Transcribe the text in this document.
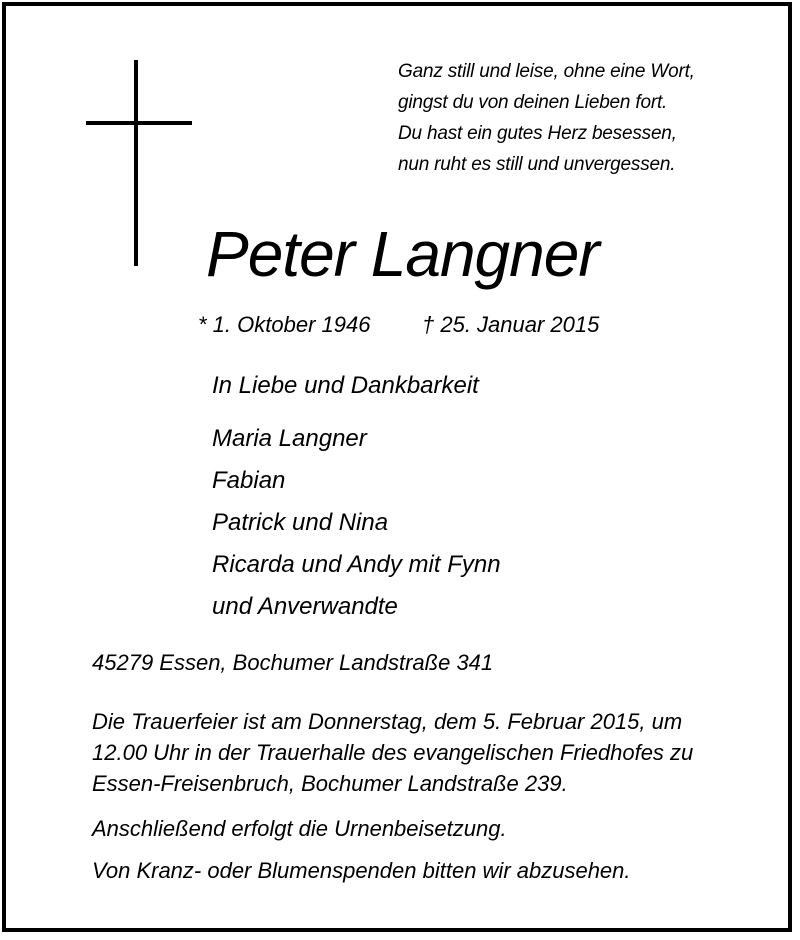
Ganz still und leise, ohne eine Wort,
gingst du von deinen Lieben fort.
Du hast ein gutes Herz besessen,
nun ruht es still und unvergessen.
Peter Langner
* 1. Oktober 1946 † 25. Januar 2015
In Liebe und Dankbarkeit
Maria Langner
Fabian
Patrick und Nina
Ricarda und Andy mit Fynn
und Anverwandte
45279 Essen, Bochumer Landstraße 341
Die Trauerfeier ist am Donnerstag, dem 5. Februar 2015, um
12.00 Uhr in der Trauerhalle des evangelischen Friedhofes zu
Essen-Freisenbruch, Bochumer Landstraße 239.
Anschließend erfolgt die Urnenbeisetzung.
Von Kranz- oder Blumenspenden bitten wir abzusehen.
